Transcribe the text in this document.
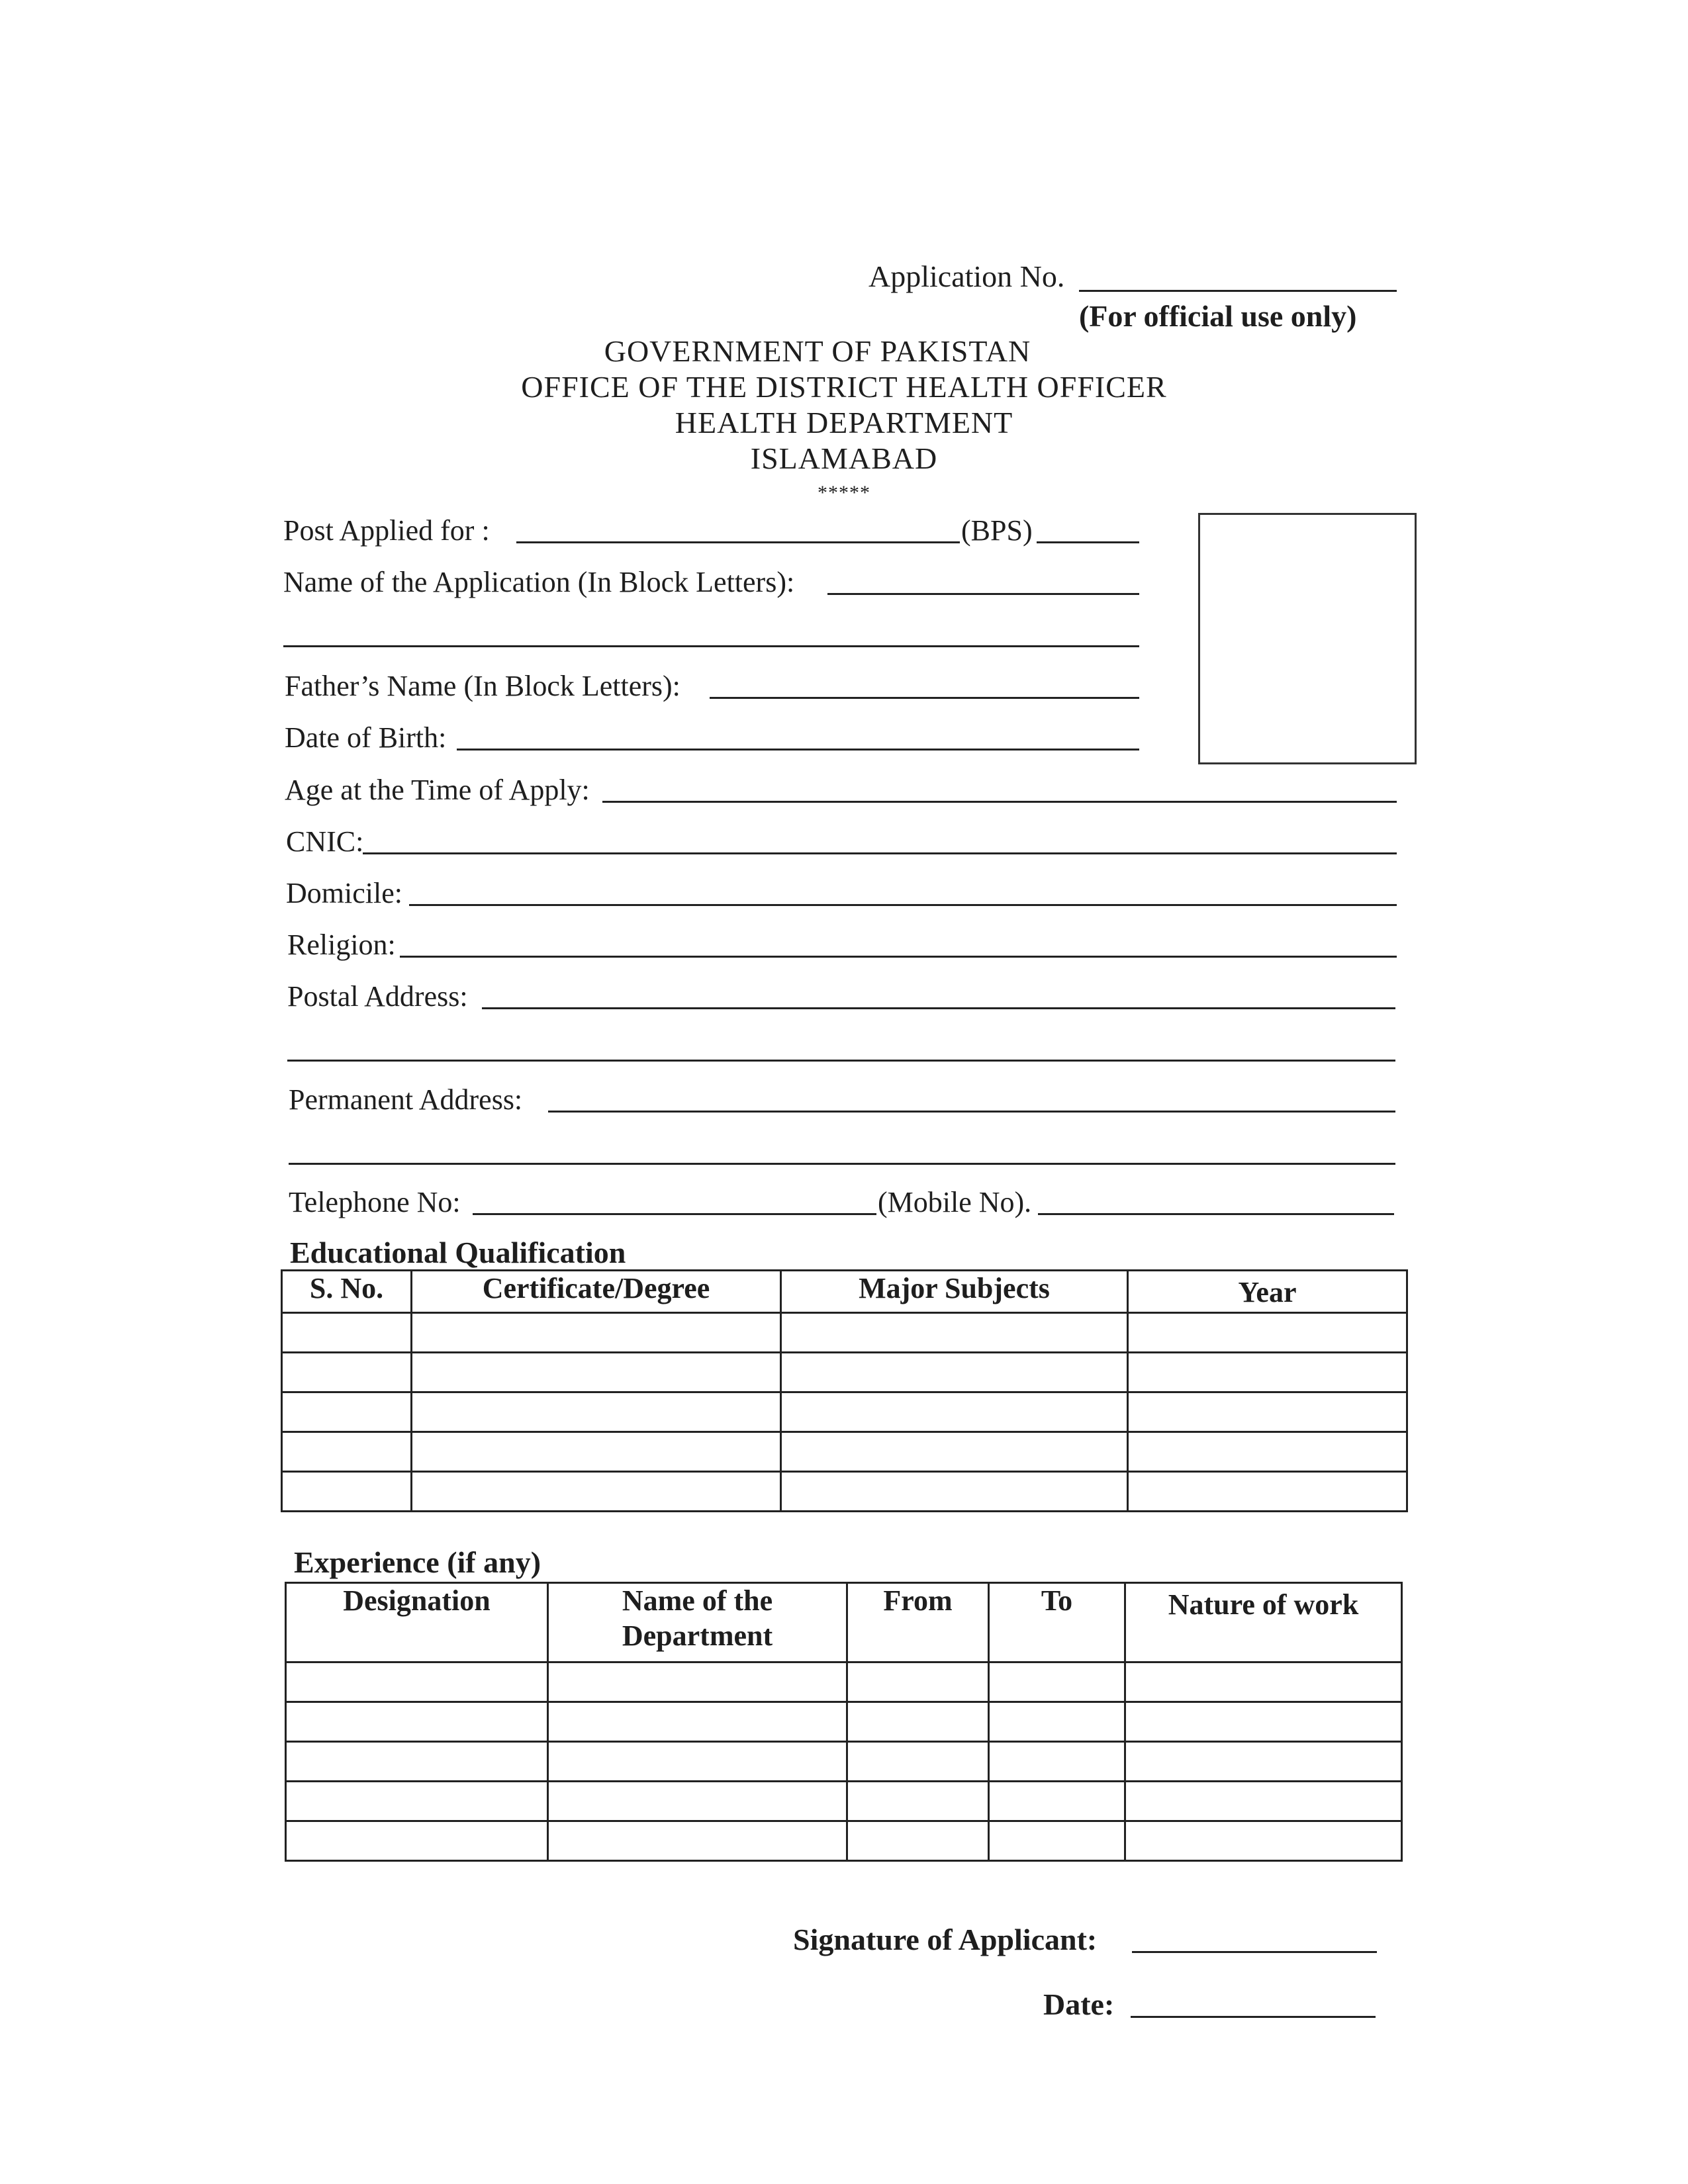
Application No.
(For official use only)
GOVERNMENT OF PAKISTAN
OFFICE OF THE DISTRICT HEALTH OFFICER
HEALTH DEPARTMENT
ISLAMABAD
*****
Post Applied for :	(BPS)
Name of the Application (In Block Letters):
Father’s Name (In Block Letters):
Date of Birth:
Age at the Time of Apply:
CNIC:
Domicile:
Religion:
Postal Address:
Permanent Address:
Telephone No:	(Mobile No).
Educational Qualification
S. No.	Certificate/Degree	Major Subjects	Year

Experience (if any)
Designation	Name of the Department	From	To	Nature of work

Signature of Applicant:
Date:
